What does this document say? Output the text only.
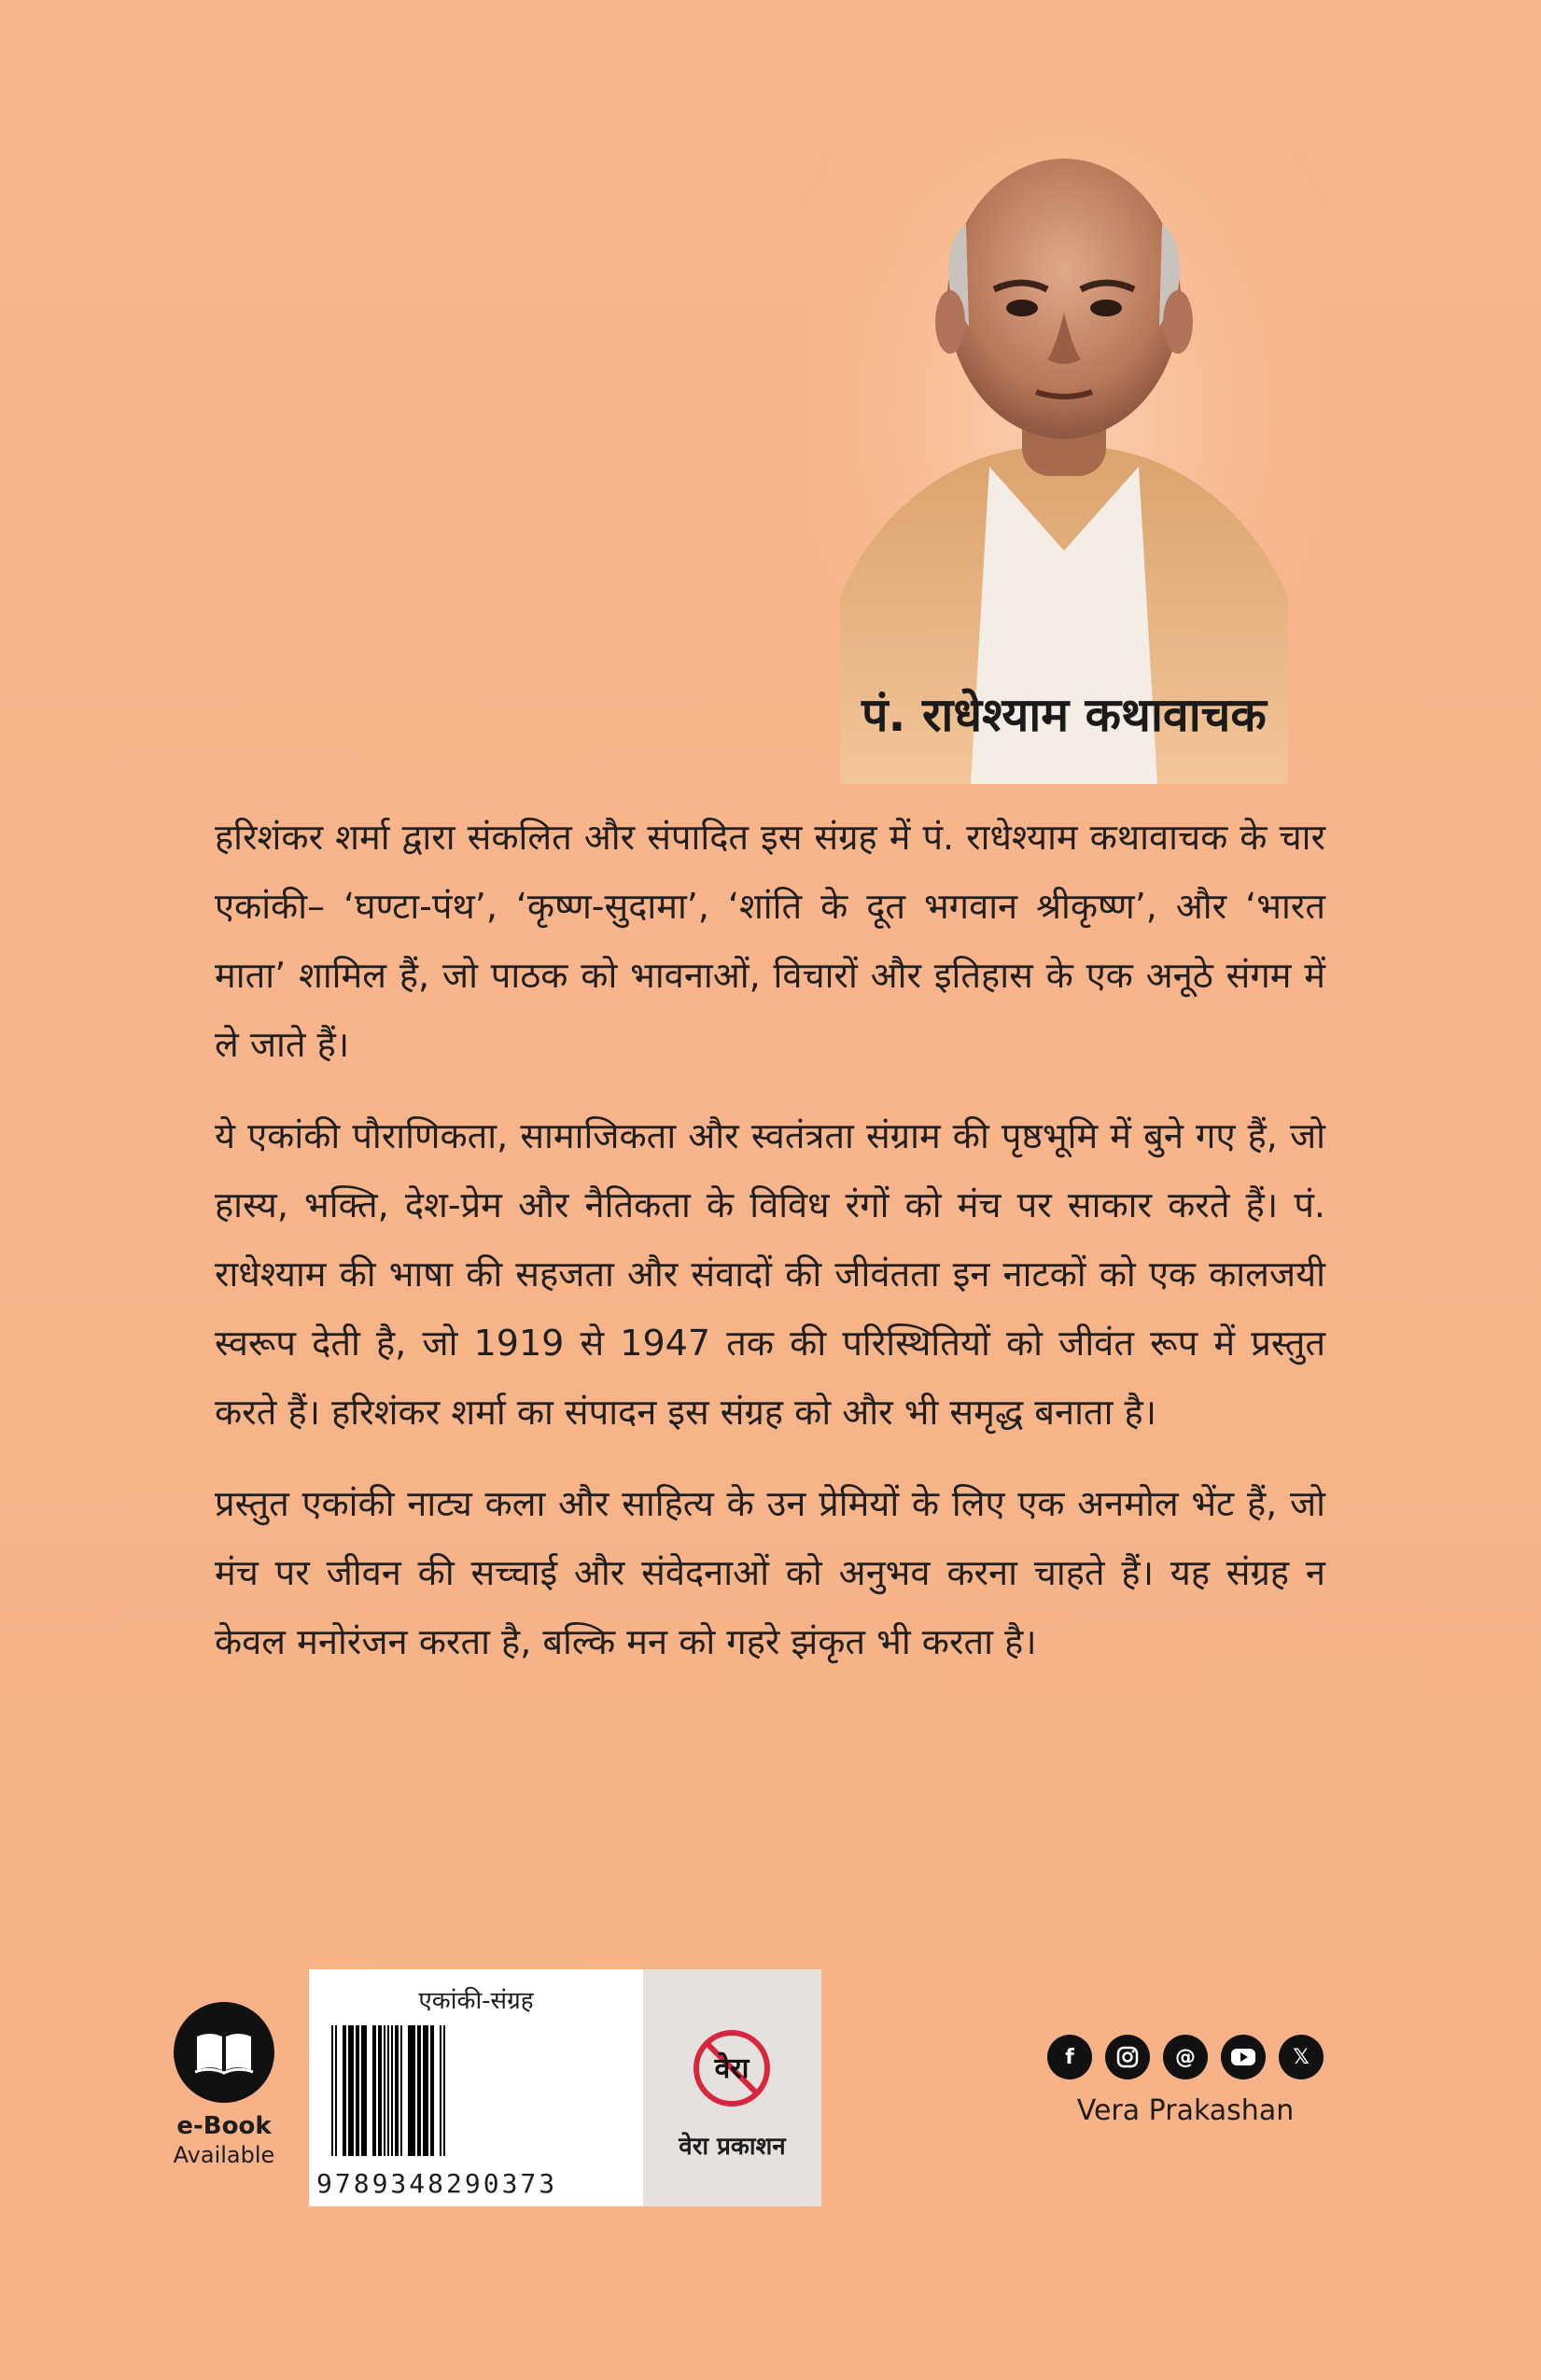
पं. राधेश्याम कथावाचक

हरिशंकर शर्मा द्वारा संकलित और संपादित इस संग्रह में पं. राधेश्याम कथावाचक के चार एकांकी– ‘घण्टा-पंथ’, ‘कृष्ण-सुदामा’, ‘शांति के दूत भगवान श्रीकृष्ण’, और ‘भारत माता’ शामिल हैं, जो पाठक को भावनाओं, विचारों और इतिहास के एक अनूठे संगम में ले जाते हैं।

ये एकांकी पौराणिकता, सामाजिकता और स्वतंत्रता संग्राम की पृष्ठभूमि में बुने गए हैं, जो हास्य, भक्ति, देश-प्रेम और नैतिकता के विविध रंगों को मंच पर साकार करते हैं। पं. राधेश्याम की भाषा की सहजता और संवादों की जीवंतता इन नाटकों को एक कालजयी स्वरूप देती है, जो 1919 से 1947 तक की परिस्थितियों को जीवंत रूप में प्रस्तुत करते हैं। हरिशंकर शर्मा का संपादन इस संग्रह को और भी समृद्ध बनाता है।

प्रस्तुत एकांकी नाट्य कला और साहित्य के उन प्रेमियों के लिए एक अनमोल भेंट हैं, जो मंच पर जीवन की सच्चाई और संवेदनाओं को अनुभव करना चाहते हैं। यह संग्रह न केवल मनोरंजन करता है, बल्कि मन को गहरे झंकृत भी करता है।

e-Book
Available
एकांकी-संग्रह
9789348290373
वेरा
वेरा प्रकाशन
f	@	𝕏
Vera Prakashan
